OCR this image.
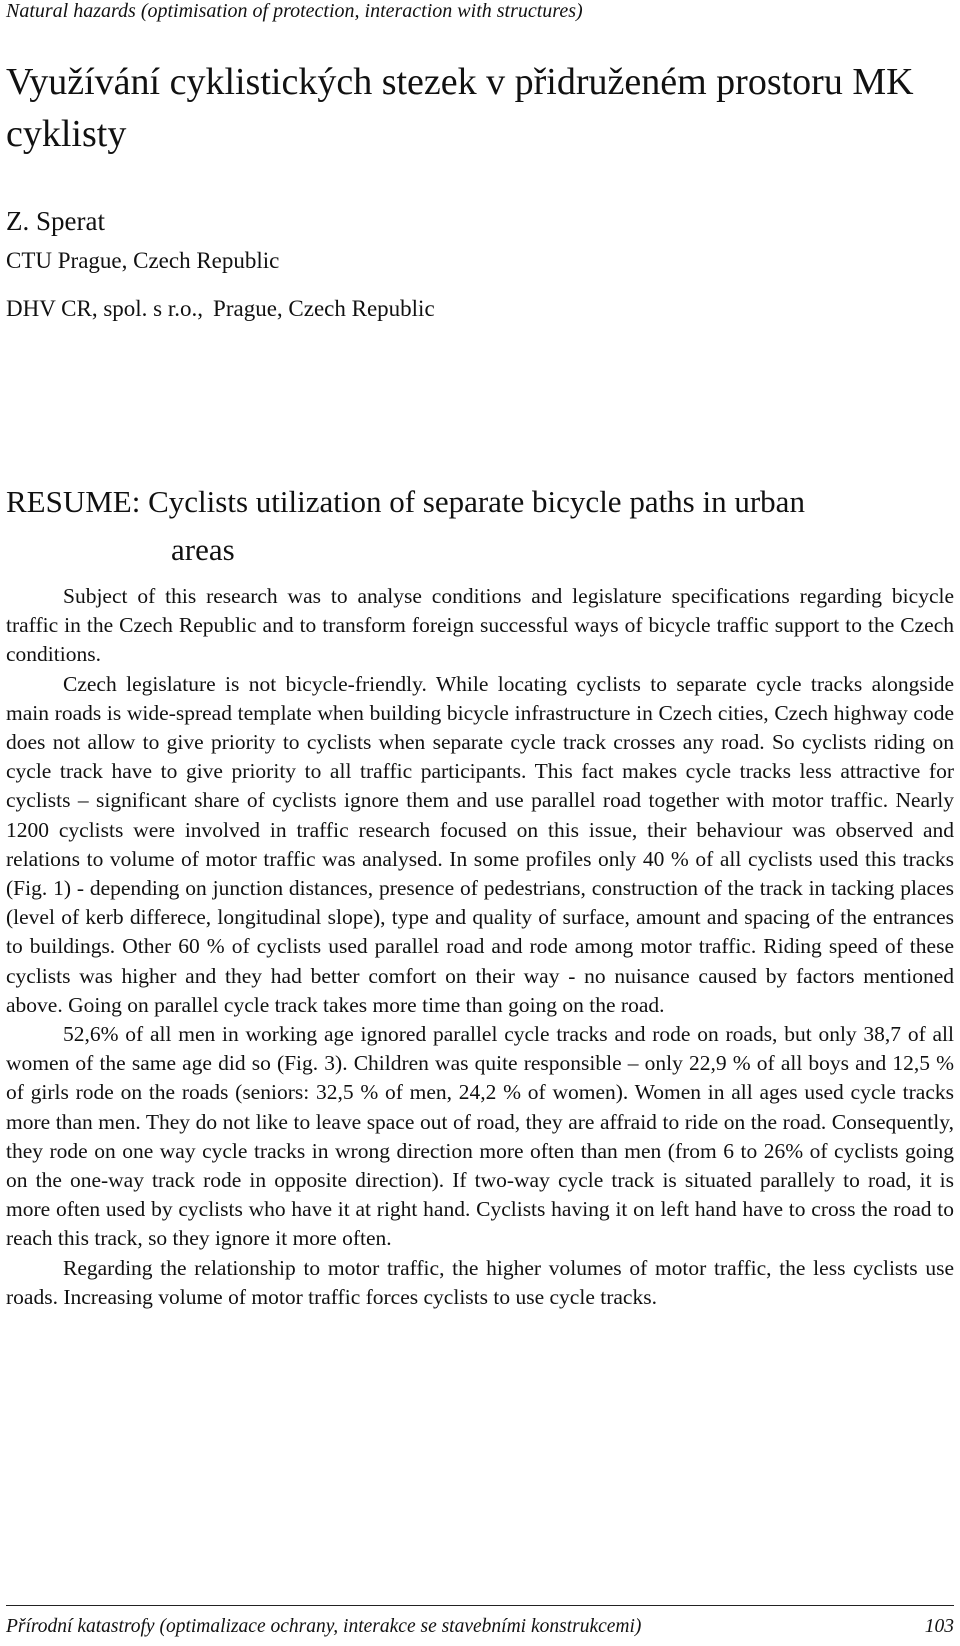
Natural hazards (optimisation of protection, interaction with structures)
Využívání cyklistických stezek v přidruženém prostoru MK cyklisty
Z. Sperat
CTU Prague, Czech Republic
DHV CR, spol. s r.o., Prague, Czech Republic
RESUME: Cyclists utilization of separate bicycle paths in urban
areas

Subject of this research was to analyse conditions and legislature specifications regarding bicycle traffic in the Czech Republic and to transform foreign successful ways of bicycle traffic support to the Czech conditions.

Czech legislature is not bicycle-friendly. While locating cyclists to separate cycle tracks alongside main roads is wide-spread template when building bicycle infrastructure in Czech cities, Czech highway code does not allow to give priority to cyclists when separate cycle track crosses any road. So cyclists riding on cycle track have to give priority to all traffic participants. This fact makes cycle tracks less attractive for cyclists – significant share of cyclists ignore them and use parallel road together with motor traffic. Nearly 1200 cyclists were involved in traffic research focused on this issue, their behaviour was observed and relations to volume of motor traffic was analysed. In some profiles only 40 % of all cyclists used this tracks (Fig. 1) - depending on junction distances, presence of pedestrians, construction of the track in tacking places (level of kerb differece, longitudinal slope), type and quality of surface, amount and spacing of the entrances to buildings. Other 60 % of cyclists used parallel road and rode among motor traffic. Riding speed of these cyclists was higher and they had better comfort on their way - no nuisance caused by factors mentioned above. Going on parallel cycle track takes more time than going on the road.

52,6% of all men in working age ignored parallel cycle tracks and rode on roads, but only 38,7 of all women of the same age did so (Fig. 3). Children was quite responsible – only 22,9 % of all boys and 12,5 % of girls rode on the roads (seniors: 32,5 % of men, 24,2 % of women). Women in all ages used cycle tracks more than men. They do not like to leave space out of road, they are affraid to ride on the road. Consequently, they rode on one way cycle tracks in wrong direction more often than men (from 6 to 26% of cyclists going on the one-way track rode in opposite direction). If two-way cycle track is situated parallely to road, it is more often used by cyclists who have it at right hand. Cyclists having it on left hand have to cross the road to reach this track, so they ignore it more often.

Regarding the relationship to motor traffic, the higher volumes of motor traffic, the less cyclists use roads. Increasing volume of motor traffic forces cyclists to use cycle tracks.

Přírodní katastrofy (optimalizace ochrany, interakce se stavebními konstrukcemi)	103
